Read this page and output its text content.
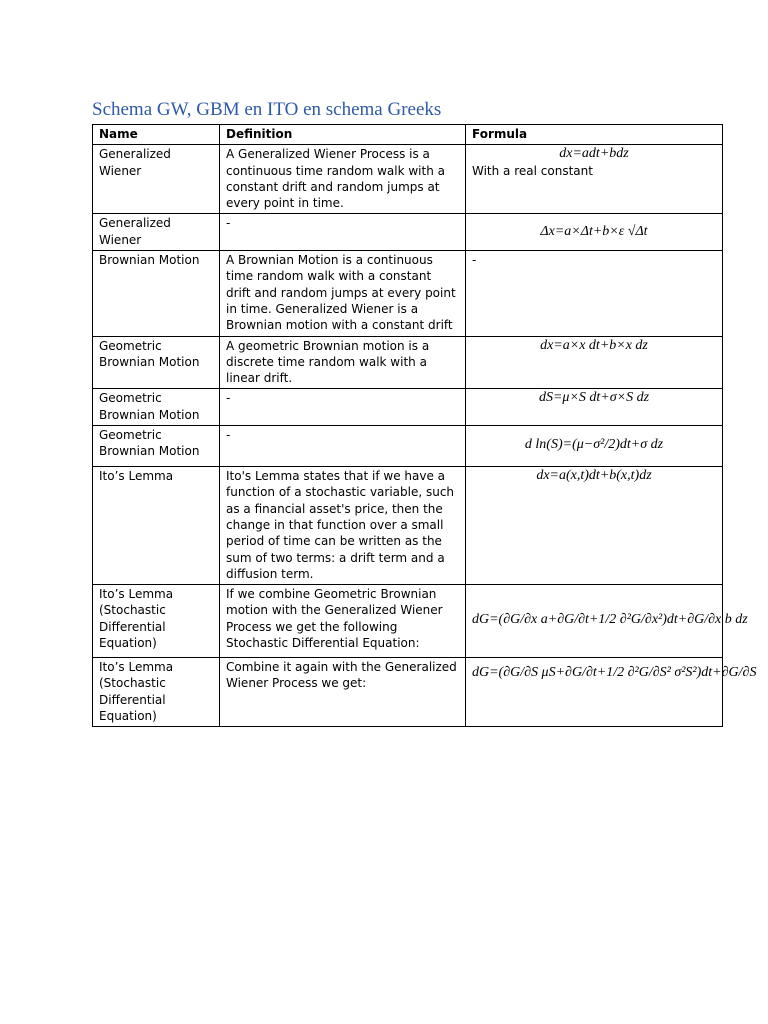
Schema GW, GBM en ITO en schema Greeks
Name	Definition	Formula
Generalized Wiener	A Generalized Wiener Process is a continuous time random walk with a constant drift and random jumps at every point in time.	dx=adt+bdz
With a real constant

Generalized Wiener	-	Δx=a×Δt+b×ε √Δt

Brownian Motion	A Brownian Motion is a continuous time random walk with a constant drift and random jumps at every point in time. Generalized Wiener is a Brownian motion with a constant drift	-
Geometric Brownian Motion	A geometric Brownian motion is a discrete time random walk with a linear drift.	dx=a×x dt+b×x dz

Geometric Brownian Motion	-	dS=μ×S dt+σ×S dz

Geometric Brownian Motion	-	d ln(S)=(μ−σ²/2)dt+σ dz

Ito’s Lemma	Ito's Lemma states that if we have a function of a stochastic variable, such as a financial asset's price, then the change in that function over a small period of time can be written as the sum of two terms: a drift term and a diffusion term.	dx=a(x,t)dt+b(x,t)dz

Ito’s Lemma (Stochastic Differential Equation)	If we combine Geometric Brownian motion with the Generalized Wiener Process we get the following Stochastic Differential Equation:	dG=(∂G/∂x a+∂G/∂t+1/2 ∂²G/∂x²)dt+∂G/∂x b dz

Ito’s Lemma (Stochastic Differential Equation)	Combine it again with the Generalized Wiener Process we get:	dG=(∂G/∂S μS+∂G/∂t+1/2 ∂²G/∂S² σ²S²)dt+∂G/∂S
